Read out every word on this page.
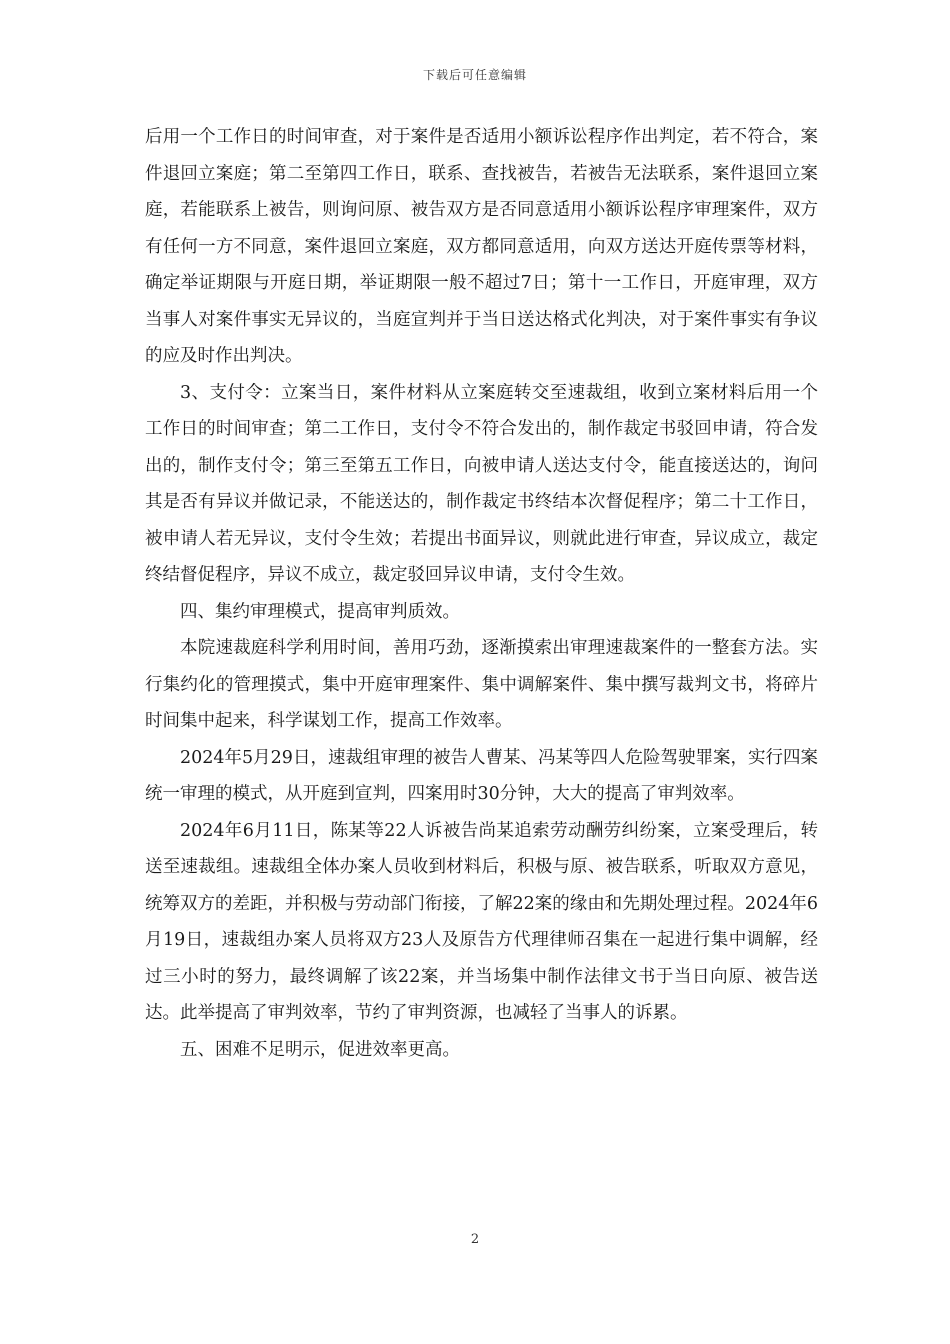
下载后可任意编辑
后用一个工作日的时间审查，对于案件是否适用小额诉讼程序作出判定，若不符合，案件退回立案庭；第二至第四工作日，联系、查找被告，若被告无法联系，案件退回立案庭，若能联系上被告，则询问原、被告双方是否同意适用小额诉讼程序审理案件，双方有任何一方不同意，案件退回立案庭，双方都同意适用，向双方送达开庭传票等材料，确定举证期限与开庭日期，举证期限一般不超过7日；第十一工作日，开庭审理，双方当事人对案件事实无异议的，当庭宣判并于当日送达格式化判决，对于案件事实有争议的应及时作出判决。
3、支付令：立案当日，案件材料从立案庭转交至速裁组，收到立案材料后用一个工作日的时间审查；第二工作日，支付令不符合发出的，制作裁定书驳回申请，符合发出的，制作支付令；第三至第五工作日，向被申请人送达支付令，能直接送达的，询问其是否有异议并做记录，不能送达的，制作裁定书终结本次督促程序；第二十工作日，被申请人若无异议，支付令生效；若提出书面异议，则就此进行审查，异议成立，裁定终结督促程序，异议不成立，裁定驳回异议申请，支付令生效。
四、集约审理模式，提高审判质效。
本院速裁庭科学利用时间，善用巧劲，逐渐摸索出审理速裁案件的一整套方法。实行集约化的管理摸式，集中开庭审理案件、集中调解案件、集中撰写裁判文书，将碎片时间集中起来，科学谋划工作，提高工作效率。
2024年5月29日，速裁组审理的被告人曹某、冯某等四人危险驾驶罪案，实行四案统一审理的模式，从开庭到宣判，四案用时30分钟，大大的提高了审判效率。
2024年6月11日，陈某等22人诉被告尚某追索劳动酬劳纠纷案，立案受理后，转送至速裁组。速裁组全体办案人员收到材料后，积极与原、被告联系，听取双方意见，统筹双方的差距，并积极与劳动部门衔接，了解22案的缘由和先期处理过程。2024年6月19日，速裁组办案人员将双方23人及原告方代理律师召集在一起进行集中调解，经过三小时的努力，最终调解了该22案，并当场集中制作法律文书于当日向原、被告送达。此举提高了审判效率，节约了审判资源，也减轻了当事人的诉累。
五、困难不足明示，促进效率更高。
2
